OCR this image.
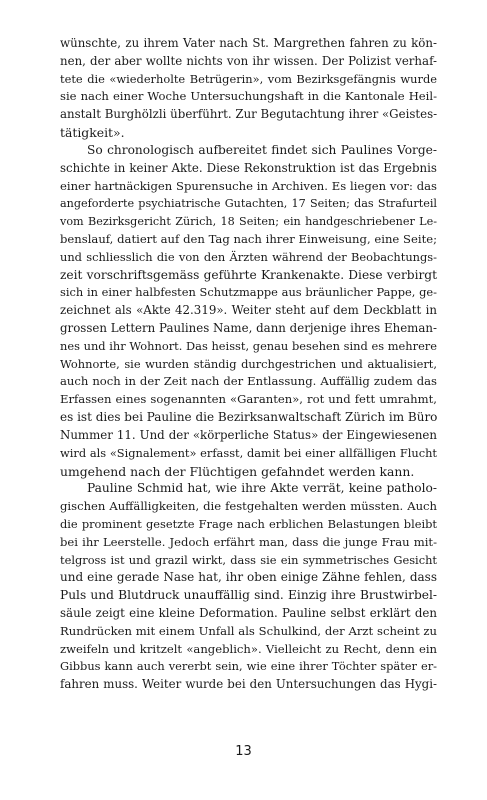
wünschte, zu ihrem Vater nach St. Margrethen fahren zu kön-
nen, der aber wollte nichts von ihr wissen. Der Polizist verhaf-
tete die «wiederholte Betrügerin», vom Bezirksgefängnis wurde
sie nach einer Woche Untersuchungshaft in die Kantonale Heil-
anstalt Burghölzli überführt. Zur Begutachtung ihrer «Geistes-
tätigkeit».
So chronologisch aufbereitet findet sich Paulines Vorge-
schichte in keiner Akte. Diese Rekonstruktion ist das Ergebnis
einer hartnäckigen Spurensuche in Archiven. Es liegen vor: das
angeforderte psychiatrische Gutachten, 17 Seiten; das Strafurteil
vom Bezirksgericht Zürich, 18 Seiten; ein handgeschriebener Le-
benslauf, datiert auf den Tag nach ihrer Einweisung, eine Seite;
und schliesslich die von den Ärzten während der Beobachtungs-
zeit vorschriftsgemäss geführte Krankenakte. Diese verbirgt
sich in einer halbfesten Schutzmappe aus bräunlicher Pappe, ge-
zeichnet als «Akte 42.319». Weiter steht auf dem Deckblatt in
grossen Lettern Paulines Name, dann derjenige ihres Eheman-
nes und ihr Wohnort. Das heisst, genau besehen sind es mehrere
Wohnorte, sie wurden ständig durchgestrichen und aktualisiert,
auch noch in der Zeit nach der Entlassung. Auffällig zudem das
Erfassen eines sogenannten «Garanten», rot und fett umrahmt,
es ist dies bei Pauline die Bezirksanwaltschaft Zürich im Büro
Nummer 11. Und der «körperliche Status» der Eingewiesenen
wird als «Signalement» erfasst, damit bei einer allfälligen Flucht
umgehend nach der Flüchtigen gefahndet werden kann.
Pauline Schmid hat, wie ihre Akte verrät, keine patholo-
gischen Auffälligkeiten, die festgehalten werden müssten. Auch
die prominent gesetzte Frage nach erblichen Belastungen bleibt
bei ihr Leerstelle. Jedoch erfährt man, dass die junge Frau mit-
telgross ist und grazil wirkt, dass sie ein symmetrisches Gesicht
und eine gerade Nase hat, ihr oben einige Zähne fehlen, dass
Puls und Blutdruck unauffällig sind. Einzig ihre Brustwirbel-
säule zeigt eine kleine Deformation. Pauline selbst erklärt den
Rundrücken mit einem Unfall als Schulkind, der Arzt scheint zu
zweifeln und kritzelt «angeblich». Vielleicht zu Recht, denn ein
Gibbus kann auch vererbt sein, wie eine ihrer Töchter später er-
fahren muss. Weiter wurde bei den Untersuchungen das Hygi-
13
